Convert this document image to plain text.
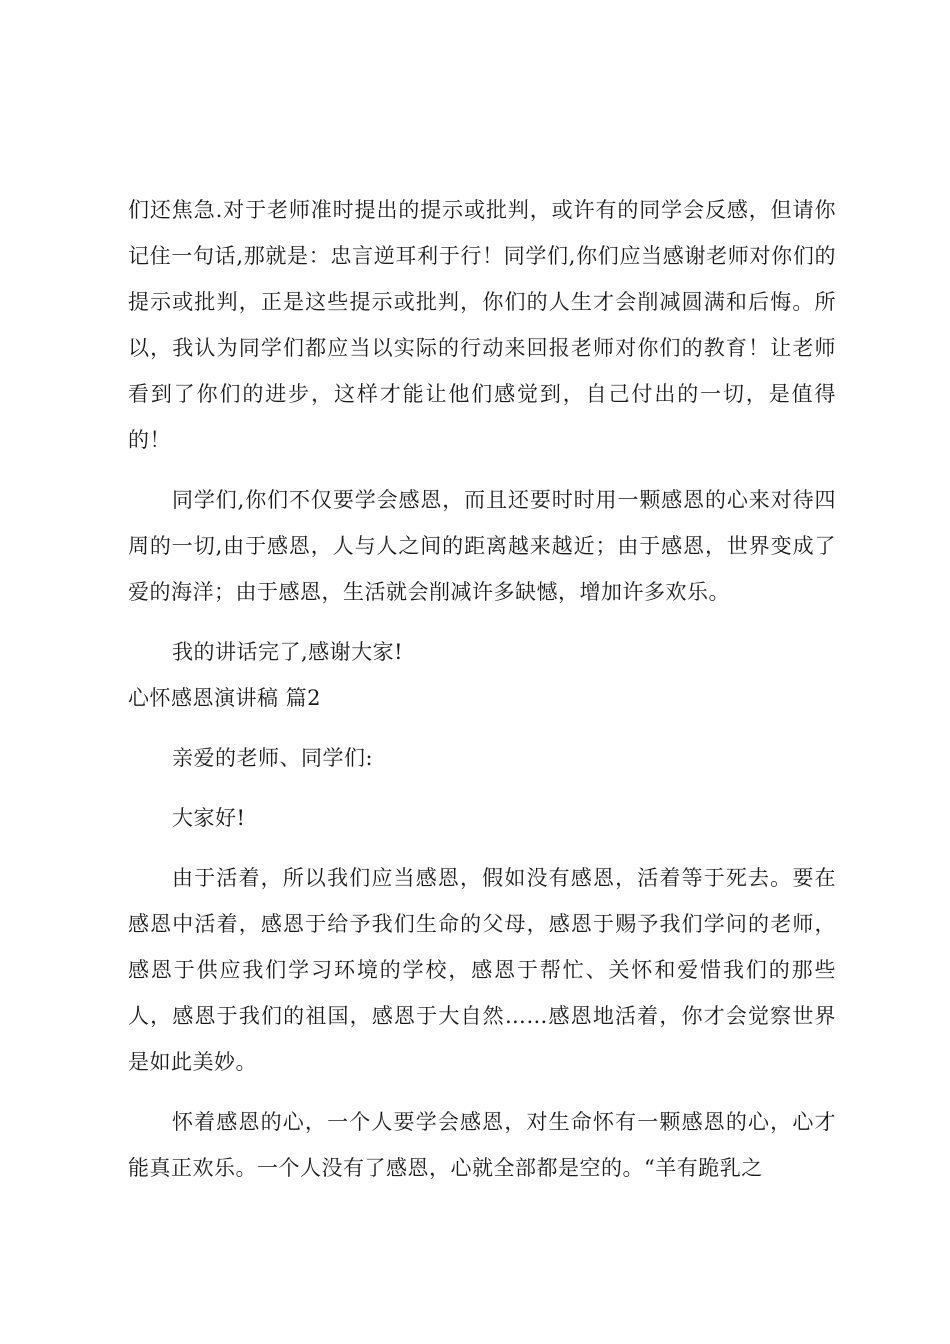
们还焦急.对于老师准时提出的提示或批判，或许有的同学会反感，但请你记住一句话,那就是：忠言逆耳利于行！同学们,你们应当感谢老师对你们的提示或批判，正是这些提示或批判，你们的人生才会削减圆满和后悔。所以，我认为同学们都应当以实际的行动来回报老师对你们的教育！让老师看到了你们的进步，这样才能让他们感觉到，自己付出的一切，是值得的！

同学们,你们不仅要学会感恩，而且还要时时用一颗感恩的心来对待四周的一切,由于感恩，人与人之间的距离越来越近；由于感恩，世界变成了爱的海洋；由于感恩，生活就会削减许多缺憾，增加许多欢乐。

我的讲话完了,感谢大家!

心怀感恩演讲稿 篇2

亲爱的老师、同学们:

大家好!

由于活着，所以我们应当感恩，假如没有感恩，活着等于死去。要在感恩中活着，感恩于给予我们生命的父母，感恩于赐予我们学问的老师，感恩于供应我们学习环境的学校，感恩于帮忙、关怀和爱惜我们的那些人，感恩于我们的祖国，感恩于大自然……感恩地活着，你才会觉察世界是如此美妙。

怀着感恩的心，一个人要学会感恩，对生命怀有一颗感恩的心，心才能真正欢乐。一个人没有了感恩，心就全部都是空的。“羊有跪乳之
